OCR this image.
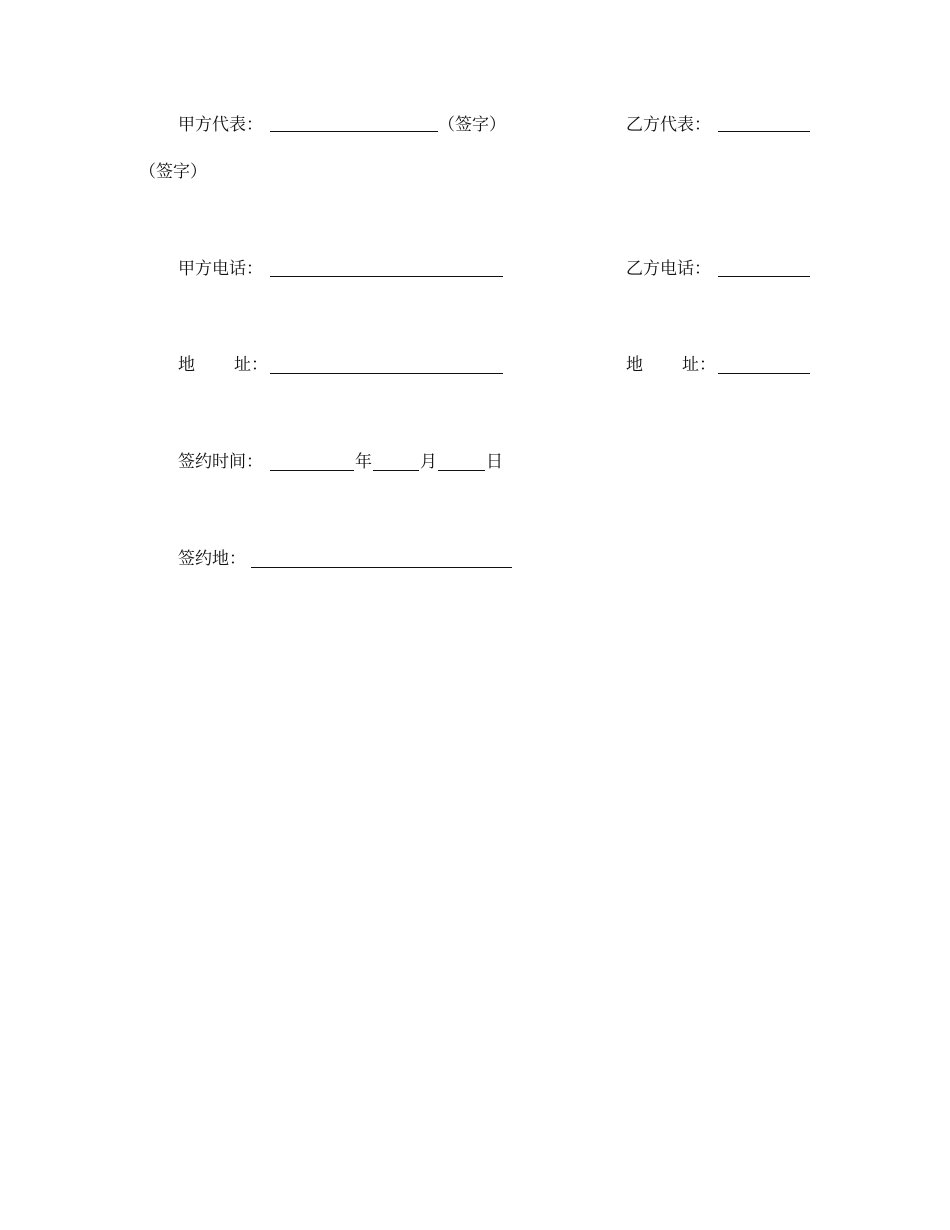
甲方代表：	（签字）	乙方代表：
（签字）
甲方电话：	乙方电话：
地 址：	地 址：
签约时间：	年	月	日
签约地：
